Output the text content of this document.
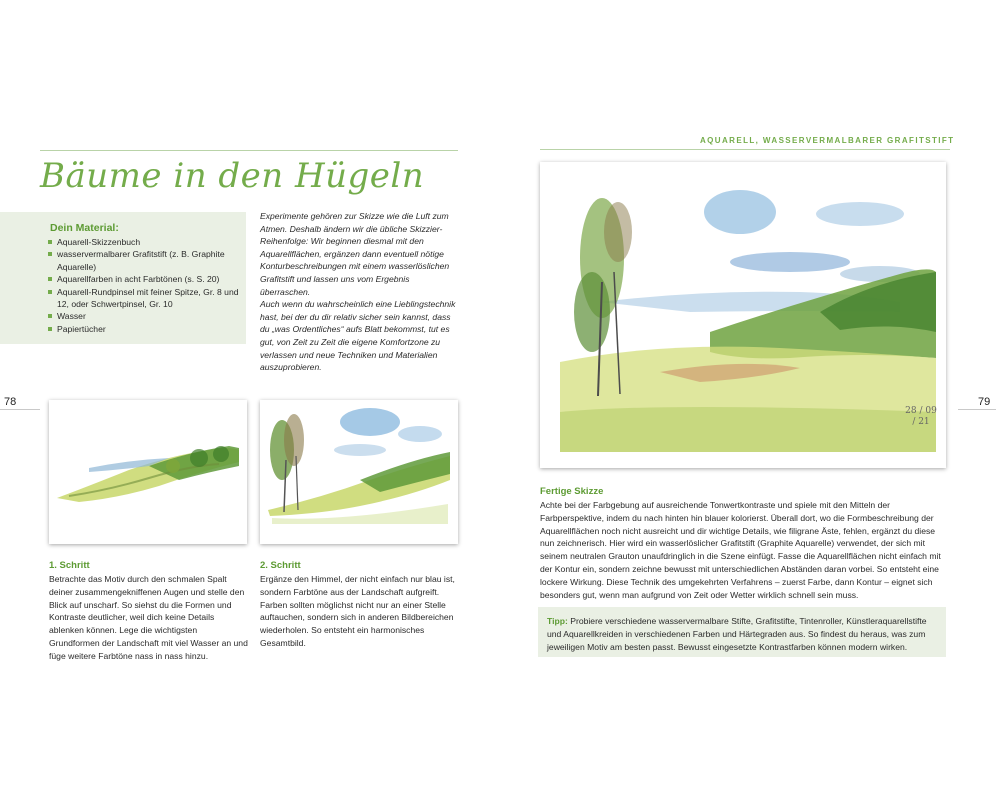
Bäume in den Hügeln
Dein Material:
Aquarell-Skizzenbuch
wasservermalbarer Grafitstift (z. B. Graphite Aquarelle)
Aquarellfarben in acht Farbtönen (s. S. 20)
Aquarell-Rundpinsel mit feiner Spitze, Gr. 8 und 12, oder Schwertpinsel, Gr. 10
Wasser
Papiertücher

Experimente gehören zur Skizze wie die Luft zum Atmen. Deshalb ändern wir die übliche Skizzier-Reihenfolge: Wir beginnen diesmal mit den Aquarellflächen, ergänzen dann eventuell nötige Konturbeschreibungen mit einem wasserlöslichen Grafitstift und lassen uns vom Ergebnis überraschen.

Auch wenn du wahrscheinlich eine Lieblingstechnik hast, bei der du dir relativ sicher sein kannst, dass du „was Ordentliches“ aufs Blatt bekommst, tut es gut, von Zeit zu Zeit die eigene Komfortzone zu verlassen und neue Techniken und Materialien auszuprobieren.

78
1. Schritt

Betrachte das Motiv durch den schmalen Spalt deiner zusammengekniffenen Augen und stelle den Blick auf unscharf. So siehst du die Formen und Kontraste deutlicher, weil dich keine Details ablenken können. Lege die wichtigsten Grundformen der Landschaft mit viel Wasser an und füge weitere Farbtöne nass in nass hinzu.

2. Schritt

Ergänze den Himmel, der nicht einfach nur blau ist, sondern Farbtöne aus der Landschaft aufgreift. Farben sollten möglichst nicht nur an einer Stelle auftauchen, sondern sich in anderen Bildbereichen wiederholen. So entsteht ein harmonisches Gesamtbild.

AQUARELL, WASSERVERMALBARER GRAFITSTIFT
28 / 09 / 21
79
Fertige Skizze

Achte bei der Farbgebung auf ausreichende Tonwertkontraste und spiele mit den Mitteln der Farbperspektive, indem du nach hinten hin blauer kolorierst. Überall dort, wo die Formbeschreibung der Aquarellflächen noch nicht ausreicht und dir wichtige Details, wie filigrane Äste, fehlen, ergänzt du diese nun zeichnerisch. Hier wird ein wasserlöslicher Grafitstift (Graphite Aquarelle) verwendet, der sich mit seinem neutralen Grauton unaufdringlich in die Szene einfügt. Fasse die Aquarellflächen nicht einfach mit der Kontur ein, sondern zeichne bewusst mit unterschiedlichen Abständen daran vorbei. So entsteht eine lockere Wirkung. Diese Technik des umgekehrten Verfahrens – zuerst Farbe, dann Kontur – eignet sich besonders gut, wenn man aufgrund von Zeit oder Wetter wirklich schnell sein muss.

Tipp: Probiere verschiedene wasservermalbare Stifte, Grafitstifte, Tintenroller, Künstleraquarellstifte und Aquarellkreiden in verschiedenen Farben und Härtegraden aus. So findest du heraus, was zum jeweiligen Motiv am besten passt. Bewusst eingesetzte Kontrastfarben können modern wirken.
